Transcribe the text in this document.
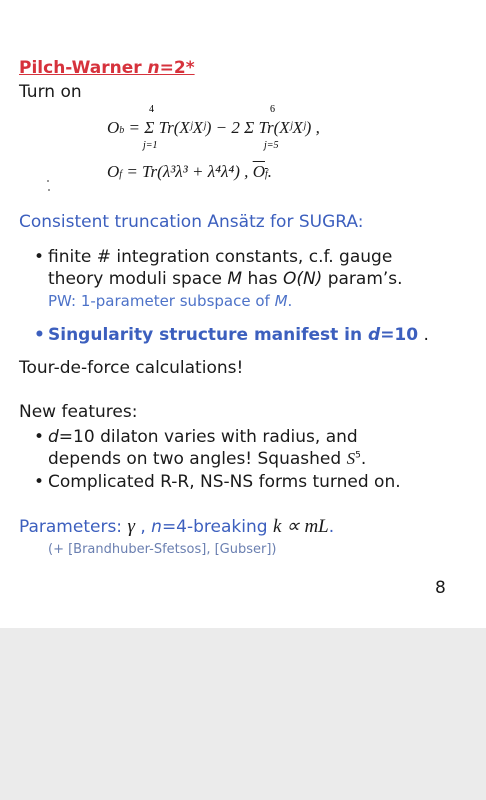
Pilch-Warner n=2*
Turn on
Ob = Σ Tr(XʲXʲ) − 2 Σ Tr(XʲXʲ) ,
4
j=1
6
j=5
Of = Tr(λ³λ³ + λ⁴λ⁴) , Of.
Consistent truncation Ansätz for SUGRA:
• finite # integration constants, c.f. gauge
theory moduli space M has O(N) param’s.
PW: 1-parameter subspace of M.
• Singularity structure manifest in d=10 .
Tour-de-force calculations!
New features:
• d=10 dilaton varies with radius, and
depends on two angles! Squashed $S^5$.
• Complicated R-R, NS-NS forms turned on.
Parameters: γ , n=4-breaking k ∝ mL.
(+ [Brandhuber-Sfetsos], [Gubser])
8
